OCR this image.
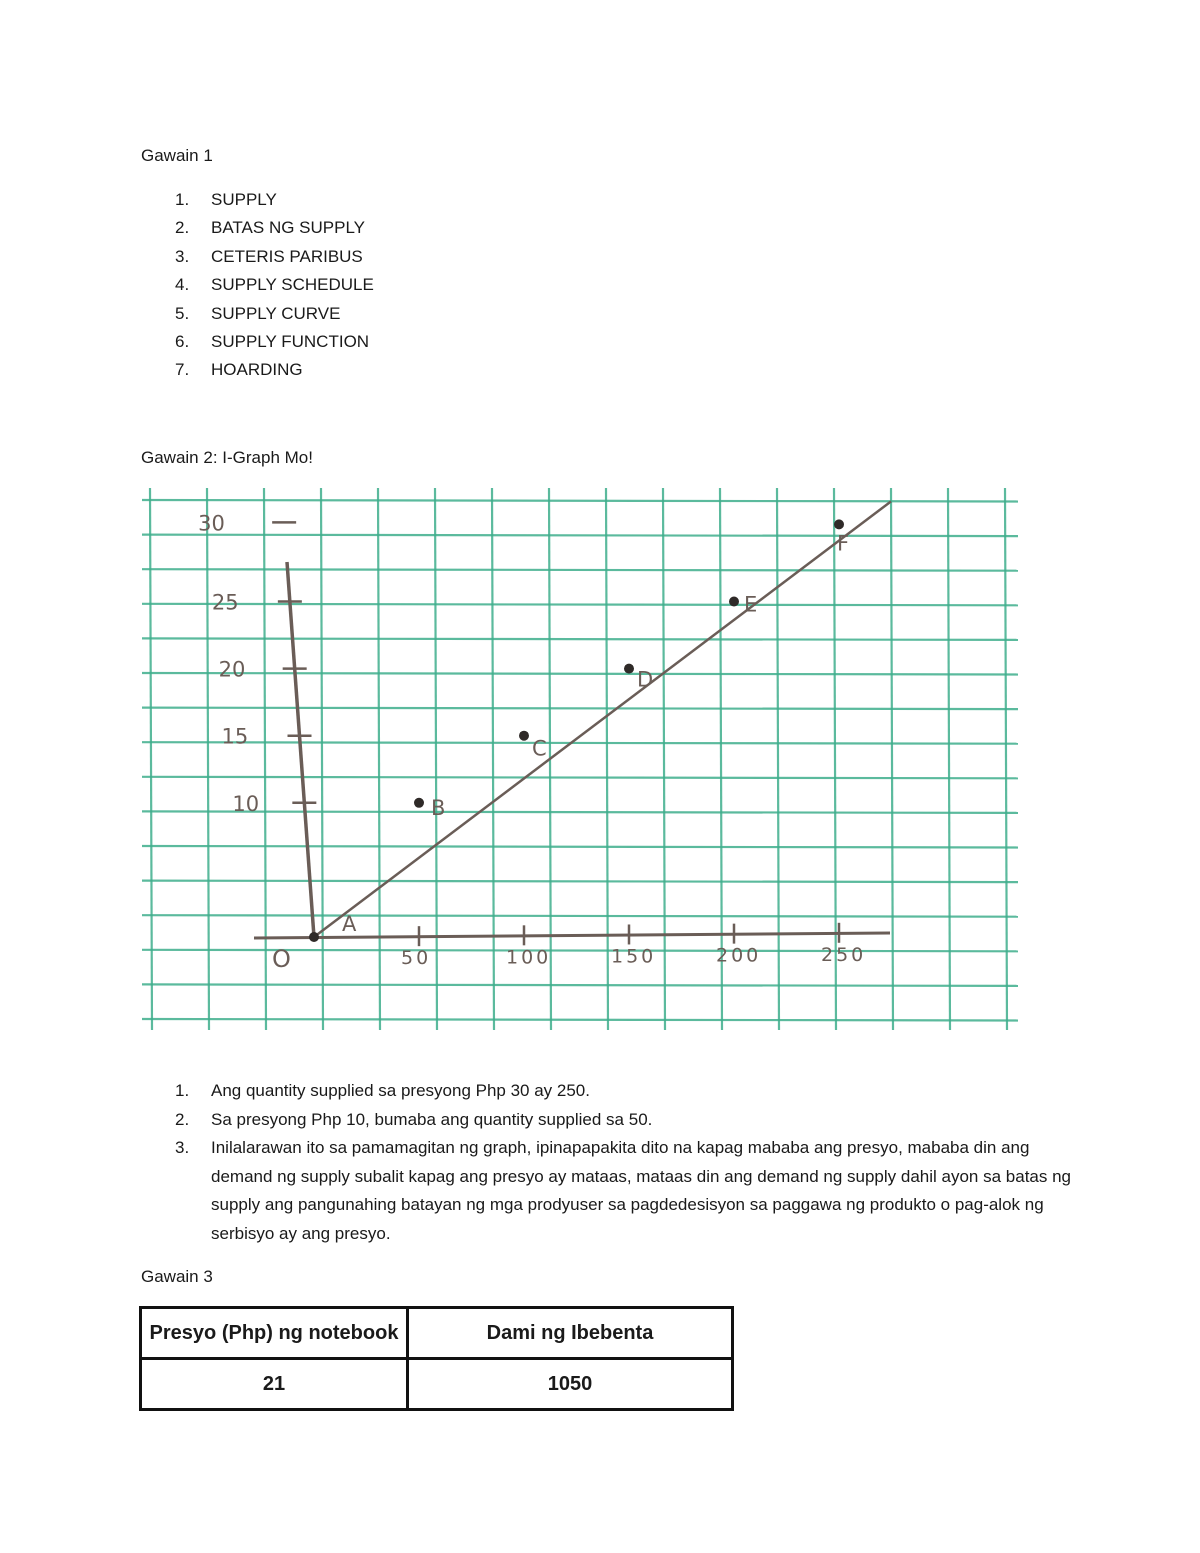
Gawain 1
1. SUPPLY
2. BATAS NG SUPPLY
3. CETERIS PARIBUS
4. SUPPLY SCHEDULE
5. SUPPLY CURVE
6. SUPPLY FUNCTION
7. HOARDING
Gawain 2: I-Graph Mo!
10
15
20
25
30
50	100	150	200	250
O
A
B
C
D
E
F
1. Ang quantity supplied sa presyong Php 30 ay 250.
2. Sa presyong Php 10, bumaba ang quantity supplied sa 50.
3. Inilalarawan ito sa pamamagitan ng graph, ipinapapakita dito na kapag mababa ang presyo, mababa din ang demand ng supply subalit kapag ang presyo ay mataas, mataas din ang demand ng supply dahil ayon sa batas ng supply ang pangunahing batayan ng mga prodyuser sa pagdedesisyon sa paggawa ng produkto o pag-alok ng serbisyo ay ang presyo.
Gawain 3
Presyo (Php) ng notebook	Dami ng Ibebenta
21	1050
